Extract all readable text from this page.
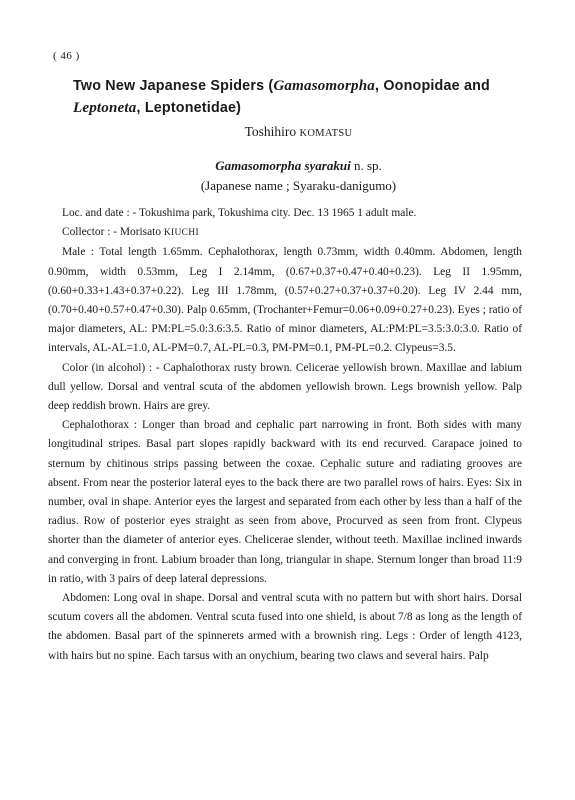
( 46 )
Two New Japanese Spiders (Gamasomorpha, Oonopidae and Leptoneta, Leptonetidae)
Toshihiro KOMATSU
Gamasomorpha syarakui n. sp.
(Japanese name ; Syaraku-danigumo)

Loc. and date : - Tokushima park, Tokushima city. Dec. 13 1965 1 adult male.

Collector : - Morisato KIUCHI

Male : Total length 1.65mm. Cephalothorax, length 0.73mm, width 0.40mm. Abdomen, length 0.90mm, width 0.53mm, Leg I 2.14mm, (0.67+0.37+0.47+0.40+0.23). Leg II 1.95mm, (0.60+0.33+1.43+0.37+0.22). Leg III 1.78mm, (0.57+0.27+0.37+0.37+0.20). Leg IV 2.44 mm, (0.70+0.40+0.57+0.47+0.30). Palp 0.65mm, (Trochanter+Femur=0.06+0.09+0.27+0.23). Eyes ; ratio of major diameters, AL: PM:PL=5.0:3.6:3.5. Ratio of minor diameters, AL:PM:PL=3.5:3.0:3.0. Ratio of intervals, AL-AL=1.0, AL-PM=0.7, AL-PL=0.3, PM-PM=0.1, PM-PL=0.2. Clypeus=3.5.

Color (in alcohol) : - Caphalothorax rusty brown. Celicerae yellowish brown. Maxillae and labium dull yellow. Dorsal and ventral scuta of the abdomen yellowish brown. Legs brownish yellow. Palp deep reddish brown. Hairs are grey.

Cephalothorax : Longer than broad and cephalic part narrowing in front. Both sides with many longitudinal stripes. Basal part slopes rapidly backward with its end recurved. Carapace joined to sternum by chitinous strips passing between the coxae. Cephalic suture and radiating grooves are absent. From near the posterior lateral eyes to the back there are two parallel rows of hairs. Eyes: Six in number, oval in shape. Anterior eyes the largest and separated from each other by less than a half of the radius. Row of posterior eyes straight as seen from above, Procurved as seen from front. Clypeus shorter than the diameter of anterior eyes. Chelicerae slender, without teeth. Maxillae inclined inwards and converging in front. Labium broader than long, triangular in shape. Sternum longer than broad 11:9 in ratio, with 3 pairs of deep lateral depressions.

Abdomen: Long oval in shape. Dorsal and ventral scuta with no pattern but with short hairs. Dorsal scutum covers all the abdomen. Ventral scuta fused into one shield, is about 7/8 as long as the length of the abdomen. Basal part of the spinnerets armed with a brownish ring. Legs : Order of length 4123, with hairs but no spine. Each tarsus with an onychium, bearing two claws and several hairs. Palp
